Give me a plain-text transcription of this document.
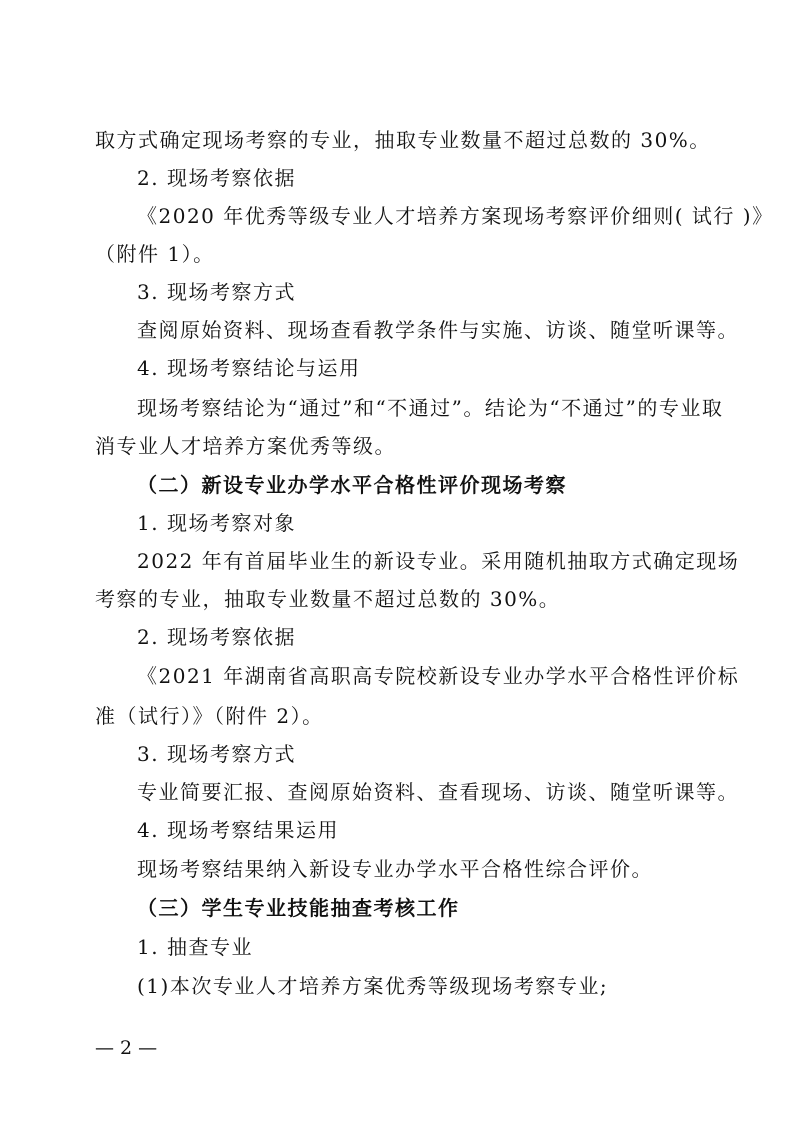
取方式确定现场考察的专业，抽取专业数量不超过总数的 30%。
2. 现场考察依据
《2020 年优秀等级专业人才培养方案现场考察评价细则( 试行 )》
（附件 1）。
3. 现场考察方式
查阅原始资料、现场查看教学条件与实施、访谈、随堂听课等。
4. 现场考察结论与运用
现场考察结论为“通过”和“不通过”。结论为“不通过”的专业取
消专业人才培养方案优秀等级。
（二）新设专业办学水平合格性评价现场考察
1. 现场考察对象
2022 年有首届毕业生的新设专业。采用随机抽取方式确定现场
考察的专业，抽取专业数量不超过总数的 30%。
2. 现场考察依据
《2021 年湖南省高职高专院校新设专业办学水平合格性评价标
准（试行）》（附件 2）。
3. 现场考察方式
专业简要汇报、查阅原始资料、查看现场、访谈、随堂听课等。
4. 现场考察结果运用
现场考察结果纳入新设专业办学水平合格性综合评价。
（三）学生专业技能抽查考核工作
1. 抽查专业
(1)本次专业人才培养方案优秀等级现场考察专业;
— 2 —
